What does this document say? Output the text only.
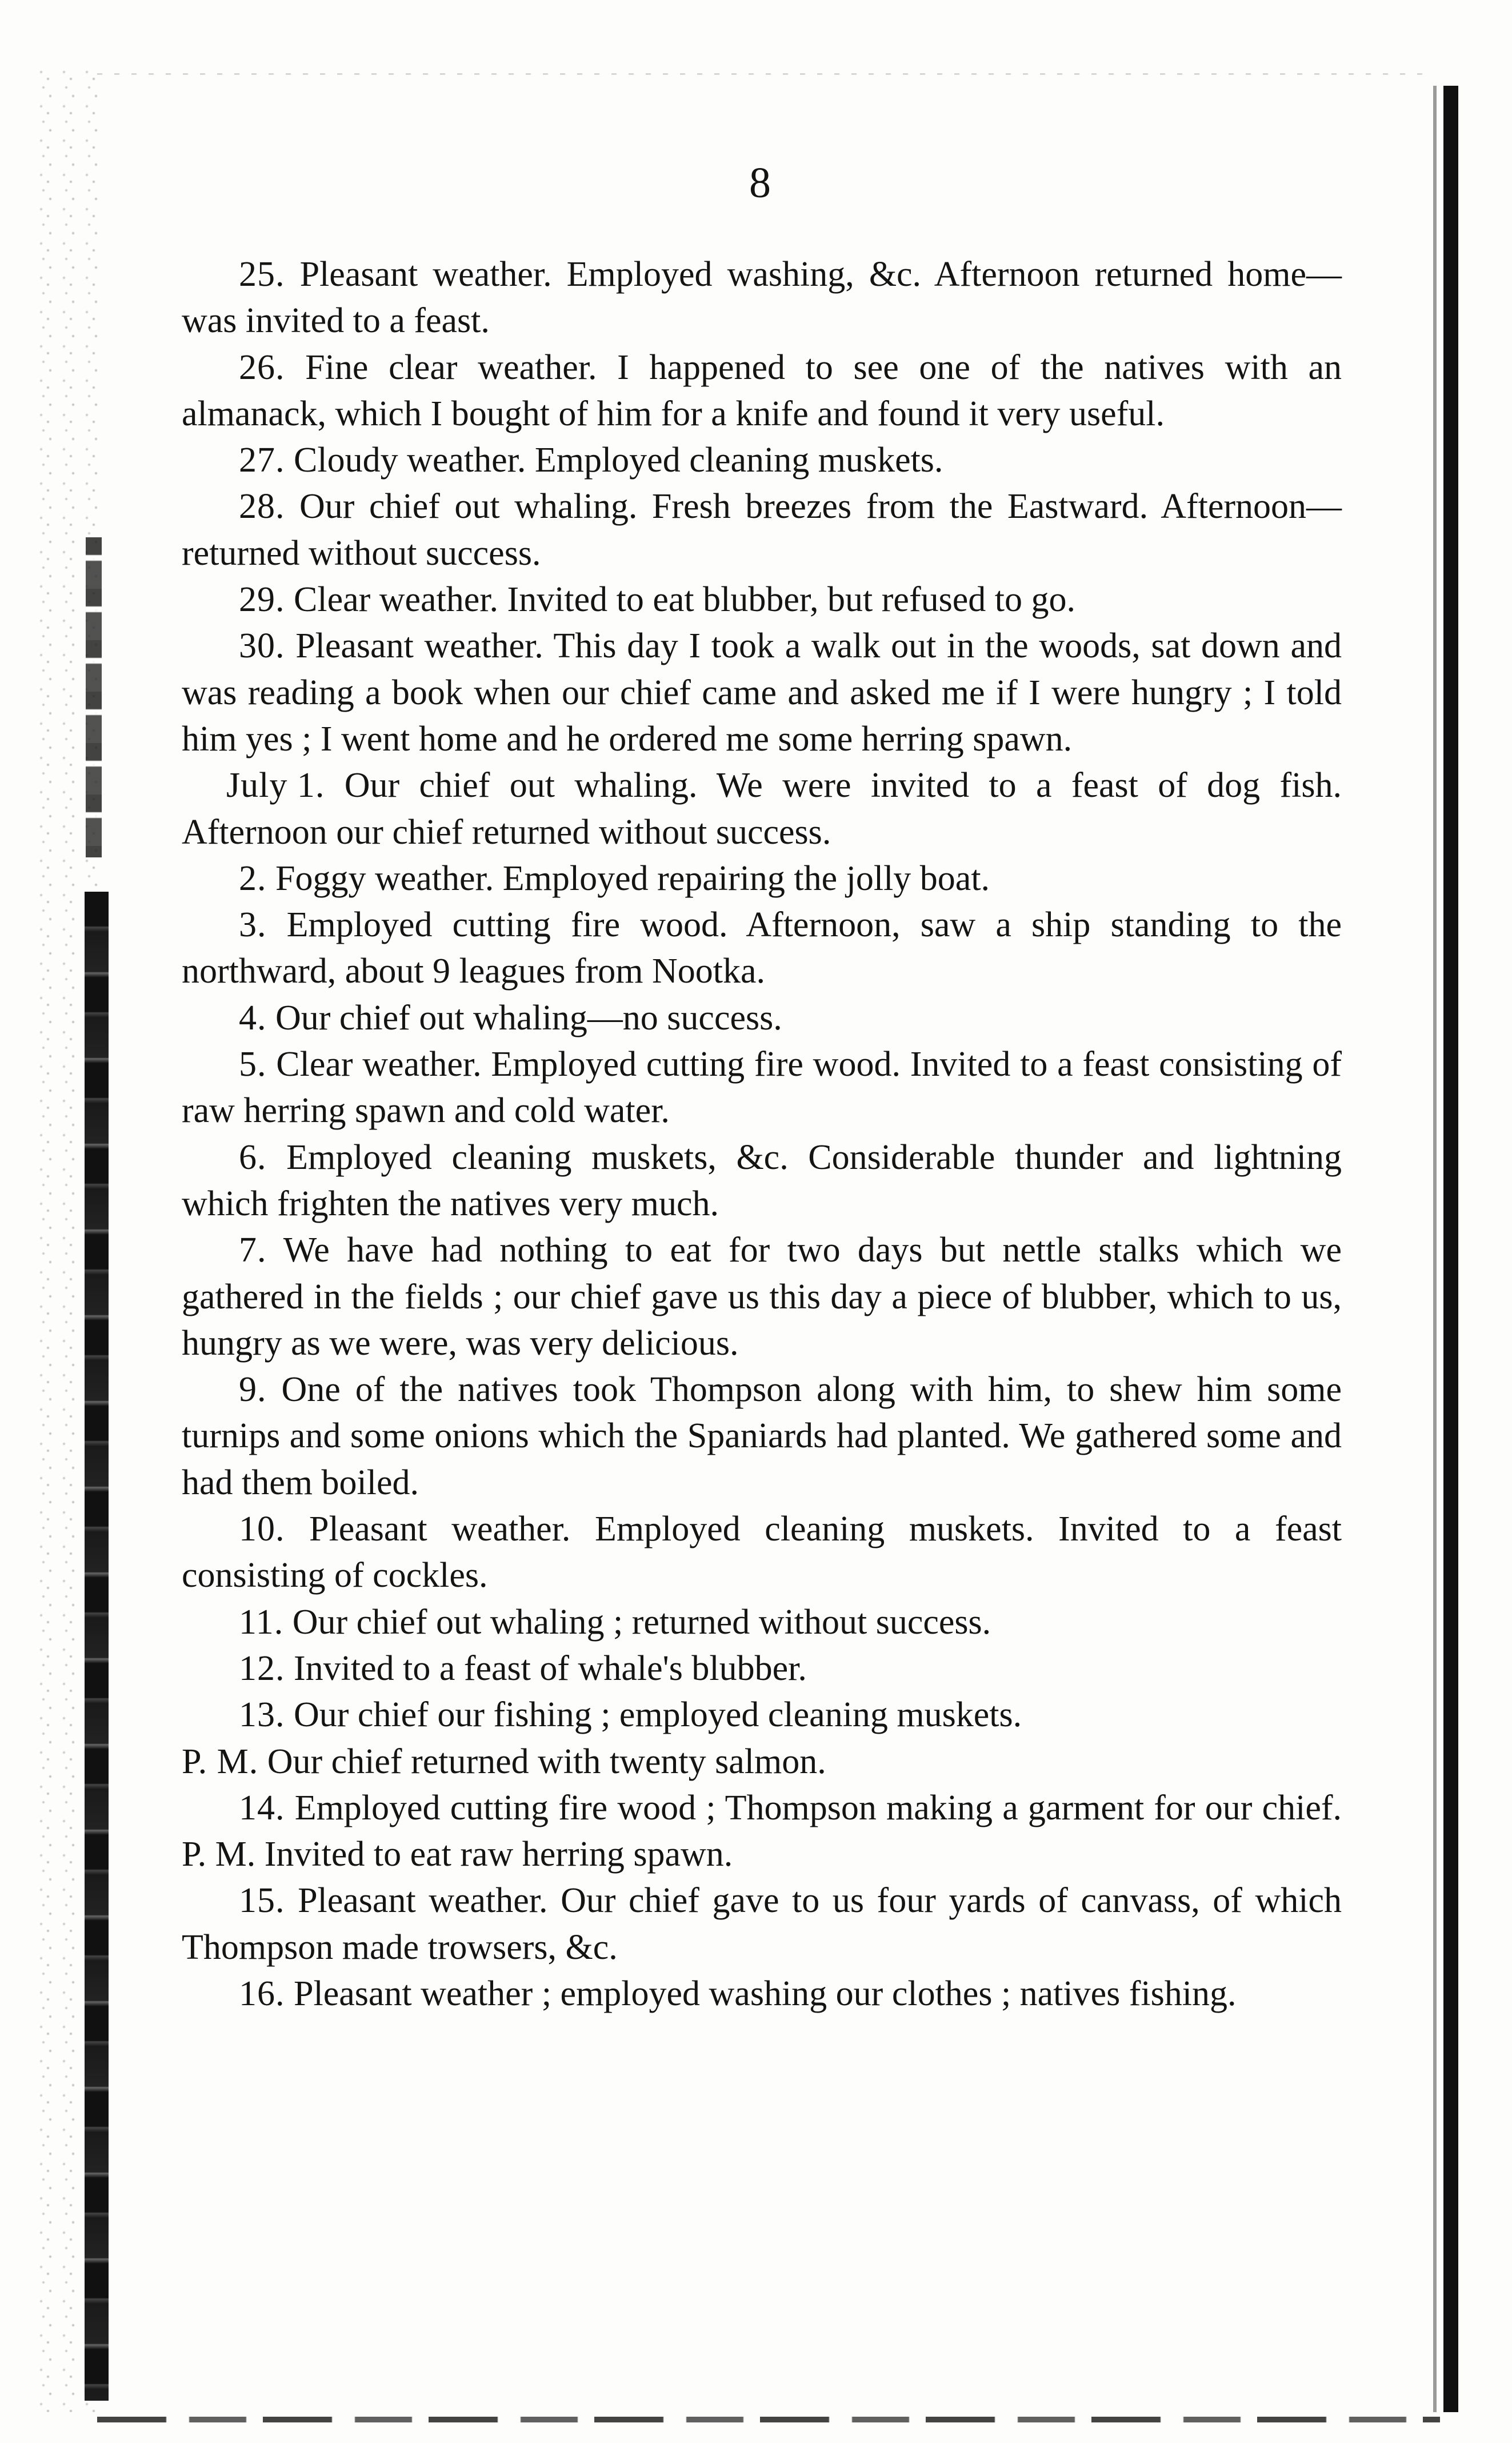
8

25. Pleasant weather. Employed washing, &c. Afternoon returned home—was invited to a feast.

26. Fine clear weather. I happened to see one of the natives with an almanack, which I bought of him for a knife and found it very useful.

27. Cloudy weather. Employed cleaning muskets.

28. Our chief out whaling. Fresh breezes from the Eastward. Afternoon—returned without success.

29. Clear weather. Invited to eat blubber, but refused to go.

30. Pleasant weather. This day I took a walk out in the woods, sat down and was reading a book when our chief came and asked me if I were hungry ; I told him yes ; I went home and he ordered me some herring spawn.

July 1. Our chief out whaling. We were invited to a feast of dog fish. Afternoon our chief returned without success.

2. Foggy weather. Employed repairing the jolly boat.

3. Employed cutting fire wood. Afternoon, saw a ship standing to the northward, about 9 leagues from Nootka.

4. Our chief out whaling—no success.

5. Clear weather. Employed cutting fire wood. Invited to a feast consisting of raw herring spawn and cold water.

6. Employed cleaning muskets, &c. Considerable thunder and lightning which frighten the natives very much.

7. We have had nothing to eat for two days but nettle stalks which we gathered in the fields ; our chief gave us this day a piece of blubber, which to us, hungry as we were, was very delicious.

9. One of the natives took Thompson along with him, to shew him some turnips and some onions which the Spaniards had planted. We gathered some and had them boiled.

10. Pleasant weather. Employed cleaning muskets. Invited to a feast consisting of cockles.

11. Our chief out whaling ; returned without success.

12. Invited to a feast of whale's blubber.

13. Our chief our fishing ; employed cleaning muskets.

P. M. Our chief returned with twenty salmon.

14. Employed cutting fire wood ; Thompson making a garment for our chief. P. M. Invited to eat raw herring spawn.

15. Pleasant weather. Our chief gave to us four yards of canvass, of which Thompson made trowsers, &c.

16. Pleasant weather ; employed washing our clothes ; natives fishing.
